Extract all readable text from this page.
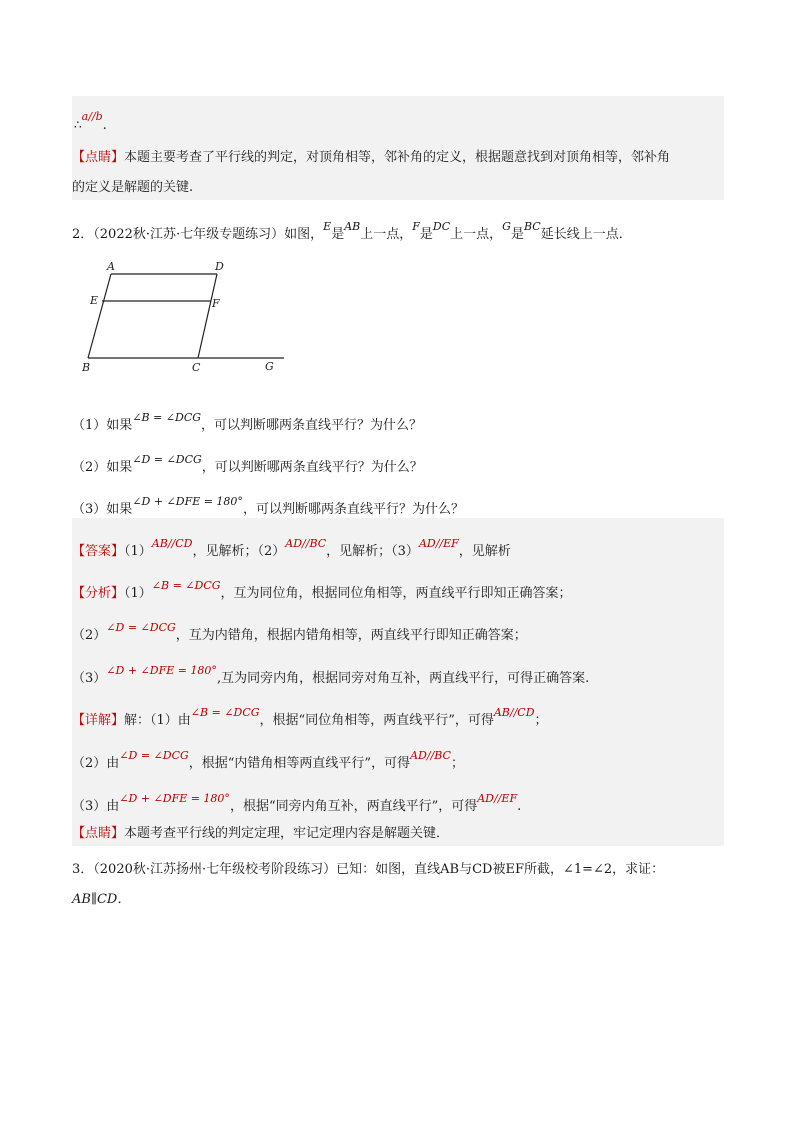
∴$^{a//b}$.
【点睛】本题主要考查了平行线的判定，对顶角相等，邻补角的定义，根据题意找到对顶角相等，邻补角
的定义是解题的关键.
2．（2022秋·江苏·七年级专题练习）如图，$^E$是$^{AB}$上一点，$^F$是$^{DC}$上一点，$^G$是$^{BC}$延长线上一点．
A	D
E	F
B	C	G
（1）如果$^{\angle B = \angle DCG}$，可以判断哪两条直线平行？为什么？
（2）如果$^{\angle D = \angle DCG}$，可以判断哪两条直线平行？为什么？
（3）如果$^{\angle D + \angle DFE = 180^\circ}$，可以判断哪两条直线平行？为什么？
【答案】$(1)^{AB//CD}$，见解析；$(2)^{AD//BC}$，见解析；$(3)^{AD//EF}$，见解析
【分析】$(1)^{\angle B = \angle DCG}$，互为同位角，根据同位角相等，两直线平行即知正确答案；
$(2)^{\angle D = \angle DCG}$，互为内错角，根据内错角相等，两直线平行即知正确答案；
$(3)^{\angle D + \angle DFE = 180^\circ}$,互为同旁内角，根据同旁对角互补，两直线平行，可得正确答案.
【详解】解：（1）由$^{\angle B = \angle DCG}$，根据“同位角相等，两直线平行”，可得$^{AB//CD}$；
（2）由$^{\angle D = \angle DCG}$，根据“内错角相等两直线平行”，可得$^{AD//BC}$；
（3）由$^{\angle D + \angle DFE = 180^\circ}$，根据“同旁内角互补，两直线平行”，可得$^{AD//EF}$.
【点睛】本题考查平行线的判定定理，牢记定理内容是解题关键．
3．（2020秋·江苏扬州·七年级校考阶段练习）已知：如图，直线AB与CD被EF所截，∠1=∠2，求证：
AB∥CD．
